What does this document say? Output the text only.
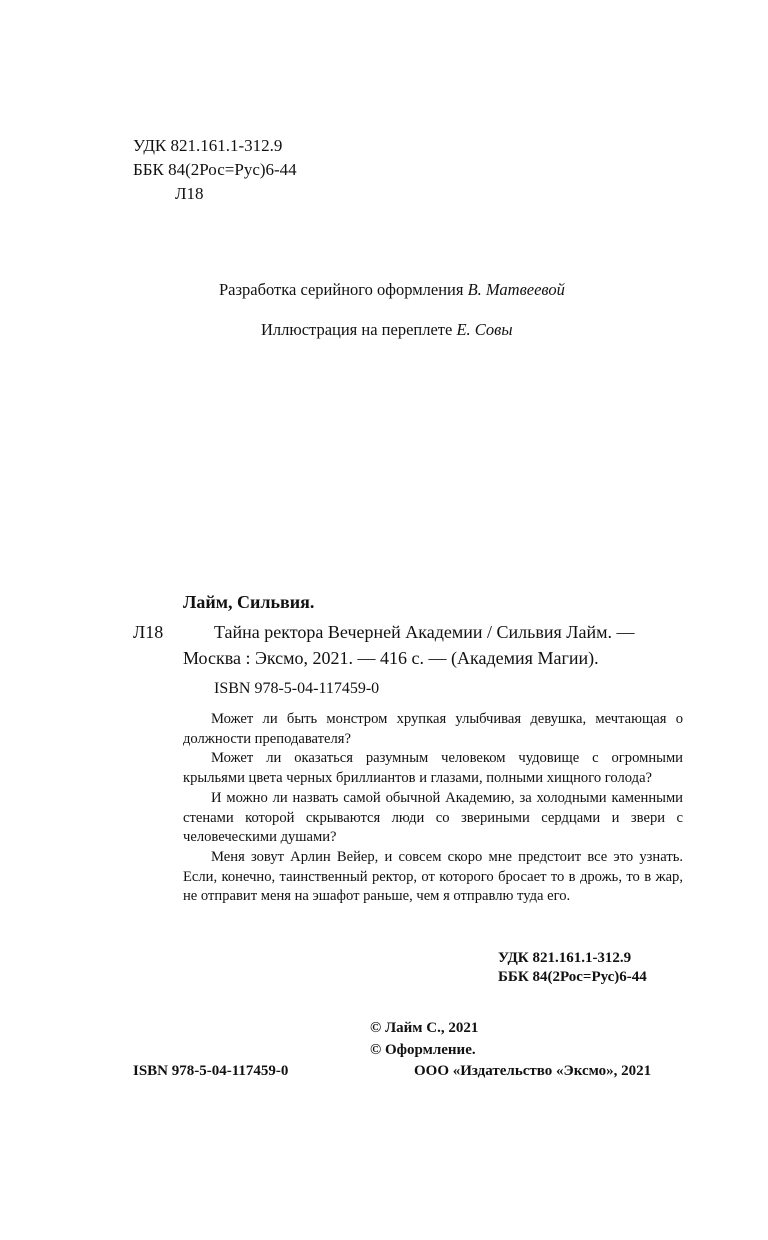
УДК 821.161.1-312.9
ББК 84(2Рос=Рус)6-44
Л18
Разработка серийного оформления В. Матвеевой
Иллюстрация на переплете Е. Совы
Лайм, Сильвия.
Л18	Тайна ректора Вечерней Академии / Сильвия Лайм. —
Москва : Эксмо, 2021. — 416 с. — (Академия Магии).
ISBN 978-5-04-117459-0

Может ли быть монстром хрупкая улыбчивая девушка, мечтающая о должности преподавателя?

Может ли оказаться разумным человеком чудовище с огромными крыльями цвета черных бриллиантов и глазами, полными хищного голода?

И можно ли назвать самой обычной Академию, за холодными каменными стенами которой скрываются люди со звериными сердцами и звери с человеческими душами?

Меня зовут Арлин Вейер, и совсем скоро мне предстоит все это узнать. Если, конечно, таинственный ректор, от которого бросает то в дрожь, то в жар, не отправит меня на эшафот раньше, чем я отправлю туда его.

УДК 821.161.1-312.9
ББК 84(2Рос=Рус)6-44
© Лайм С., 2021
© Оформление.
ISBN 978-5-04-117459-0	ООО «Издательство «Эксмо», 2021
